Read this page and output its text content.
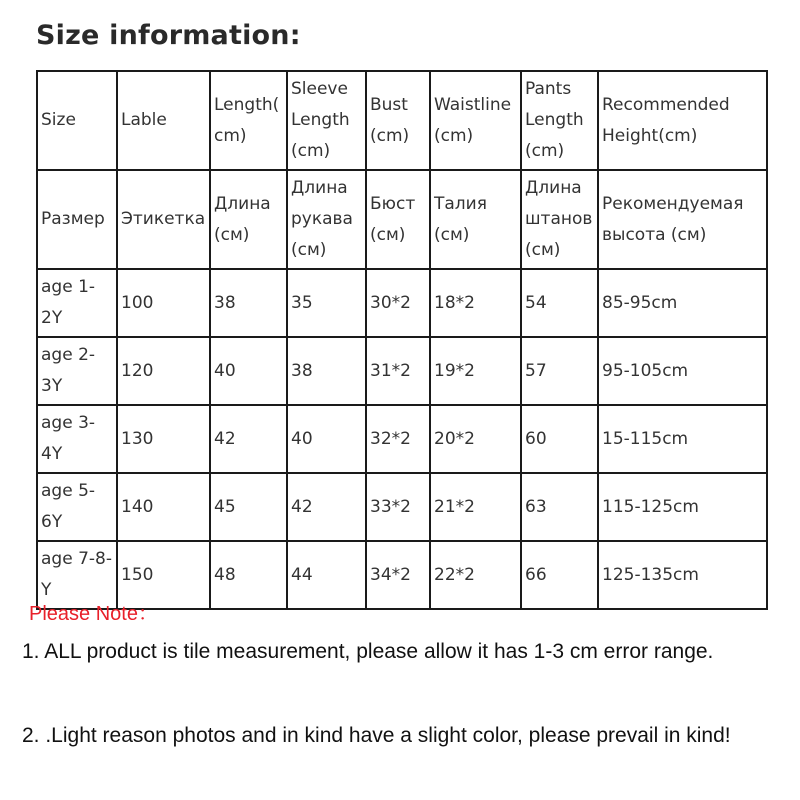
Size information:
Size	Lable	Length(cm)	Sleeve Length (cm)	Bust (cm)	Waistline (cm)	Pants Length (cm)	Recommended Height(cm)
Размер	Этикетка	Длина (см)	Длина рукава (см)	Бюст (см)	Талия (см)	Длина штанов (см)	Рекомендуемая высота (см)
age 1-2Y	100	38	35	30*2	18*2	54	85-95cm
age 2-3Y	120	40	38	31*2	19*2	57	95-105cm
age 3-4Y	130	42	40	32*2	20*2	60	15-115cm
age 5-6Y	140	45	42	33*2	21*2	63	115-125cm
age 7-8-Y	150	48	44	34*2	22*2	66	125-135cm
Please Note：
1. ALL product is tile measurement, please allow it has 1-3 cm error range.
2. .Light reason photos and in kind have a slight color, please prevail in kind!
